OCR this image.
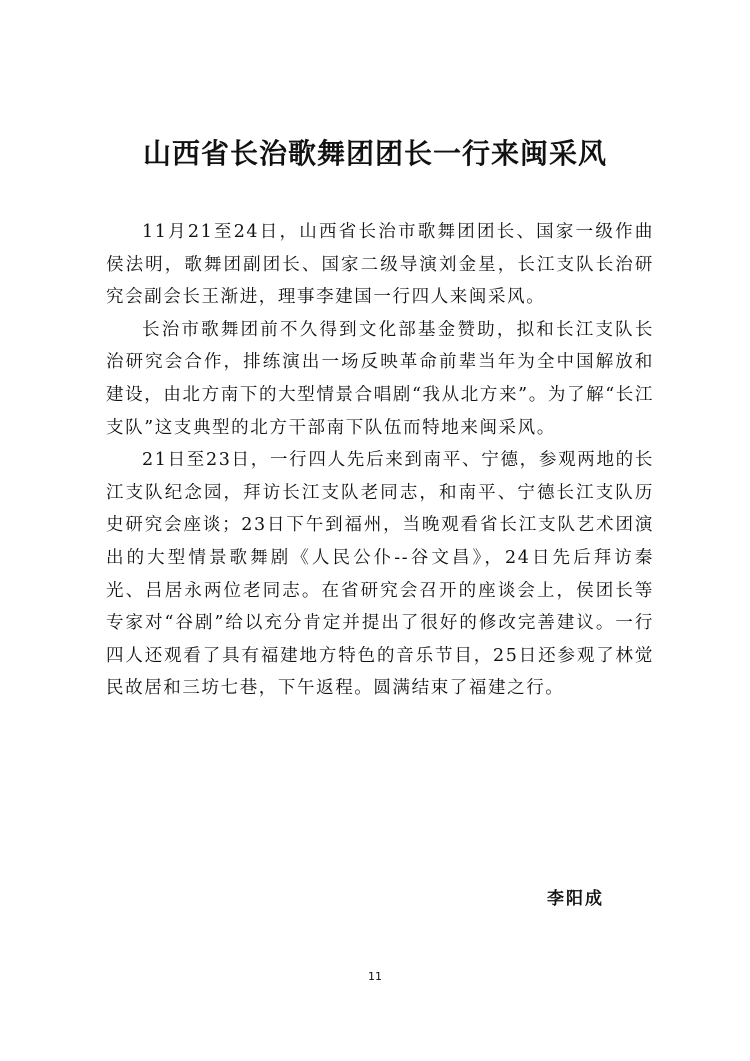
山西省长治歌舞团团长一行来闽采风

11月21至24日，山西省长治市歌舞团团长、国家一级作曲侯法明，歌舞团副团长、国家二级导演刘金星，长江支队长治研究会副会长王渐进，理事李建国一行四人来闽采风。

长治市歌舞团前不久得到文化部基金赞助，拟和长江支队长治研究会合作，排练演出一场反映革命前辈当年为全中国解放和建设，由北方南下的大型情景合唱剧“我从北方来”。为了解“长江支队”这支典型的北方干部南下队伍而特地来闽采风。

21日至23日，一行四人先后来到南平、宁德，参观两地的长江支队纪念园，拜访长江支队老同志，和南平、宁德长江支队历史研究会座谈；23日下午到福州，当晚观看省长江支队艺术团演出的大型情景歌舞剧《人民公仆--谷文昌》，24日先后拜访秦 光、吕居永两位老同志。在省研究会召开的座谈会上，侯团长等专家对“谷剧”给以充分肯定并提出了很好的修改完善建议。一行四人还观看了具有福建地方特色的音乐节目，25日还参观了林觉民故居和三坊七巷，下午返程。圆满结束了福建之行。

李阳成

11
